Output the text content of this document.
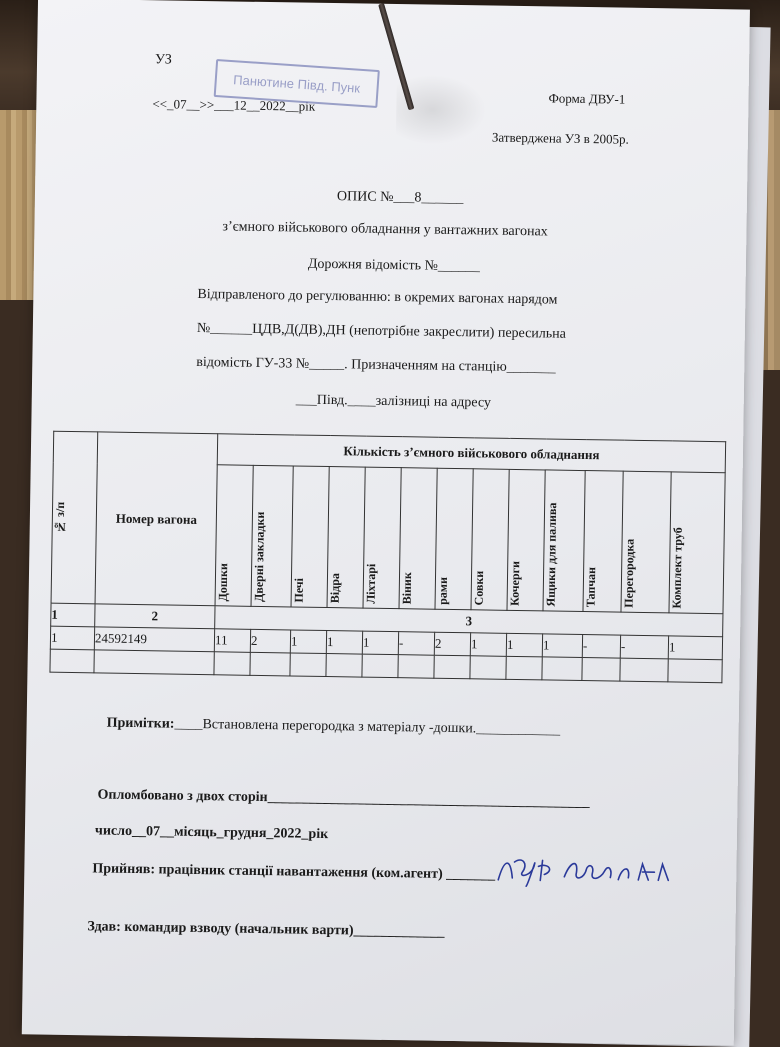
УЗ
<<_07__>>___12__2022__рік
Панютине Півд. Пунк
Форма ДВУ-1
Затверджена УЗ в 2005р.
ОПИС №___8______
з’ємного військового обладнання у вантажних вагонах
Дорожня відомість №______
Відправленого до регулюванню: в окремих вагонах нарядом
№______ЦДВ,Д(ДВ),ДН (непотрібне закреслити) пересильна
відомість ГУ-33 №_____. Призначенням на станцію_______
___Півд.____залізниці на адресу
№ з/п	Номер вагона	Кількість з’ємного військового обладнання												

		Дошки	Дверні закладки	Печі	Відра	Ліхтарі	Віник	рами	Совки	Кочерги	Ящики для палива	Тапчан	Перегородка	Комплект труб

1	2	3												
1	24592149	11	2	1	1	1	-	2	1	1	1	-	-	1

Примітки:____Встановлена перегородка з матеріалу -дошки.____________
Опломбовано з двох сторін______________________________________________
число__07__місяць_грудня_2022_рік
Прийняв: працівник станції навантаження (ком.агент) _______
Здав: командир взводу (начальник варти)_____________
